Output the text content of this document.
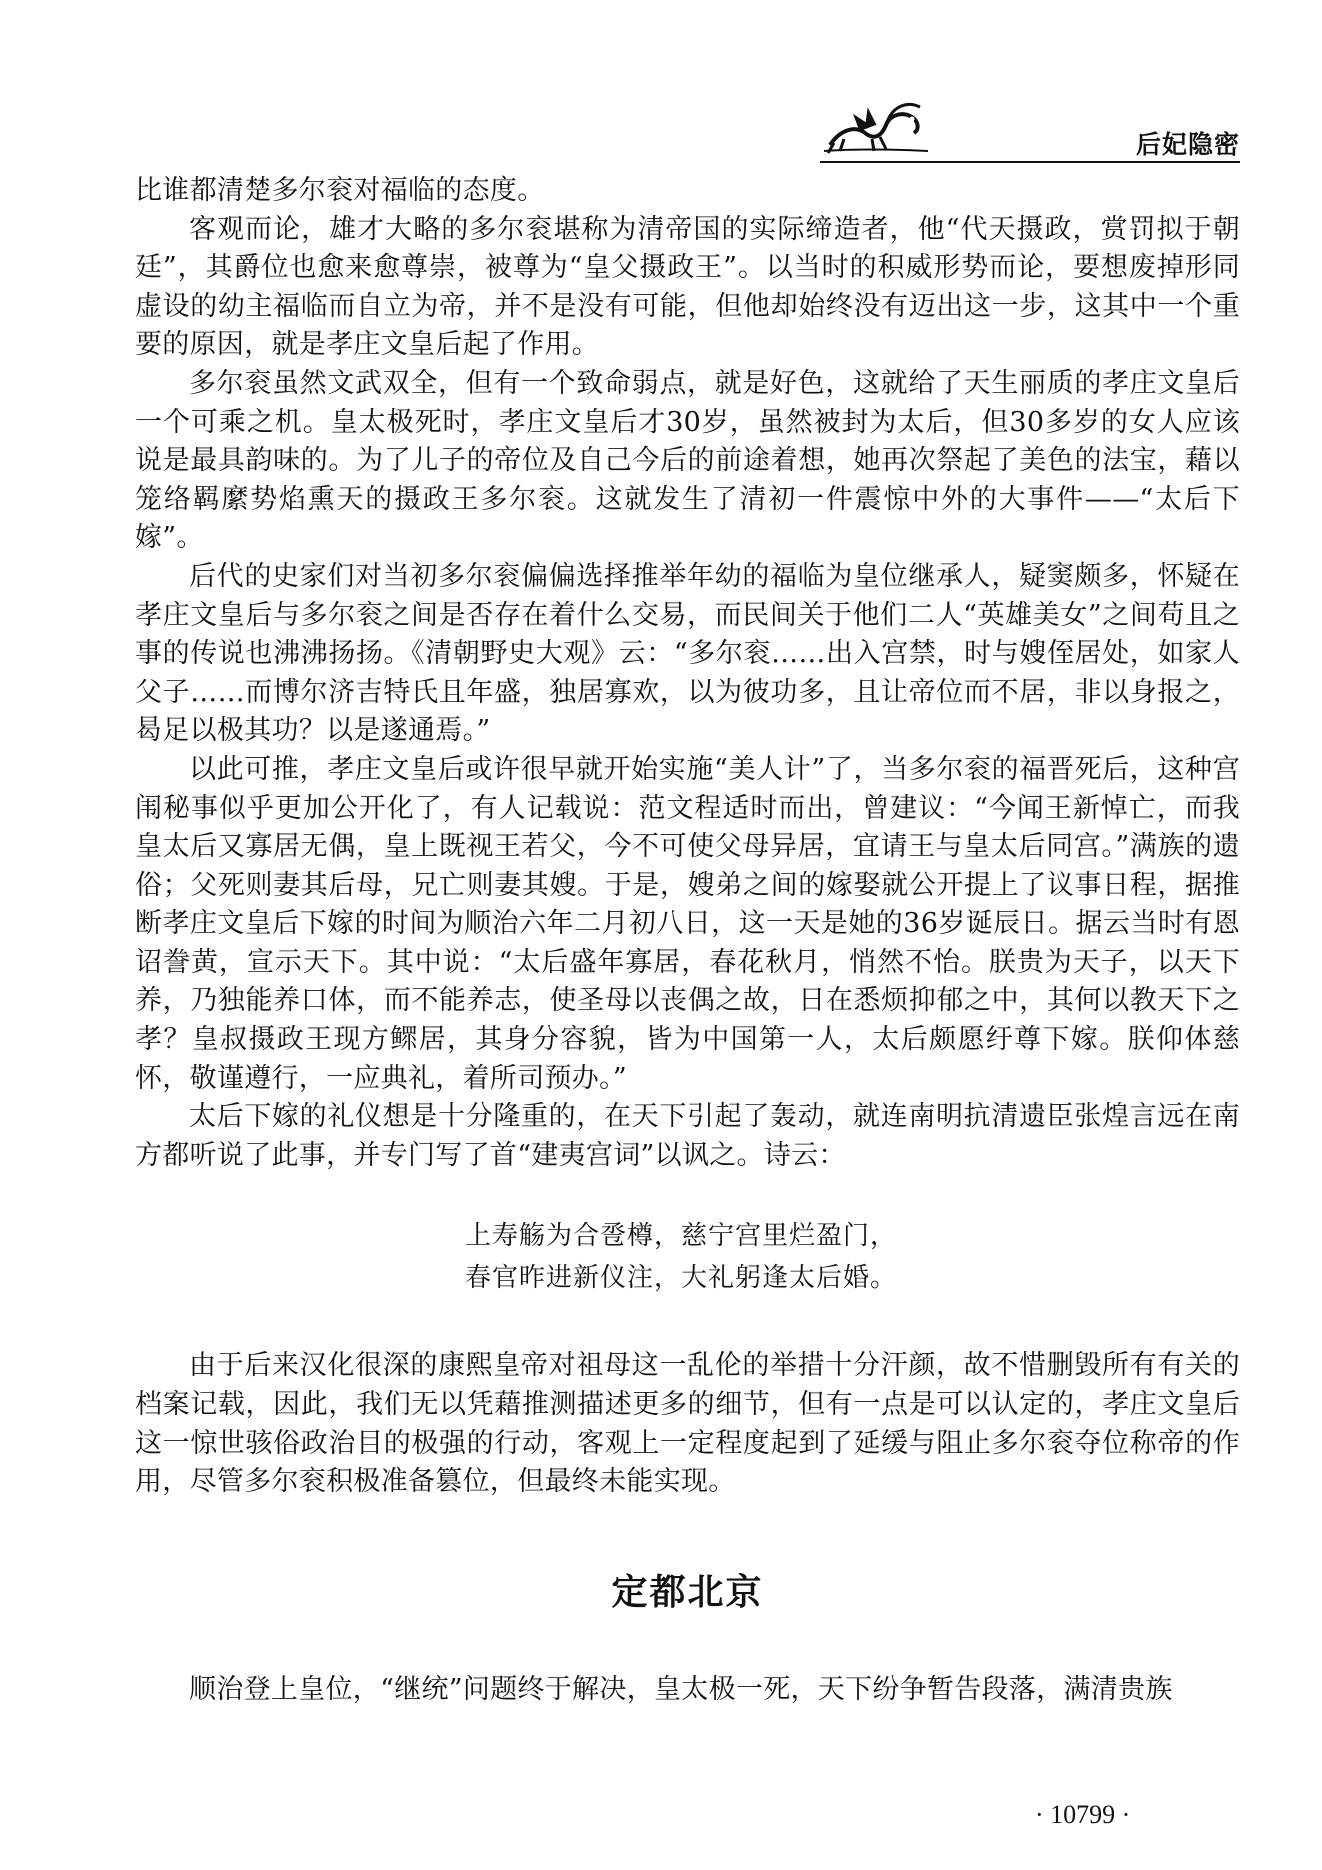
后妃隐密

比谁都清楚多尔衮对福临的态度。

客观而论，雄才大略的多尔衮堪称为清帝国的实际缔造者，他“代天摄政，赏罚拟于朝廷”，其爵位也愈来愈尊崇，被尊为“皇父摄政王”。以当时的积威形势而论，要想废掉形同虚设的幼主福临而自立为帝，并不是没有可能，但他却始终没有迈出这一步，这其中一个重要的原因，就是孝庄文皇后起了作用。

多尔衮虽然文武双全，但有一个致命弱点，就是好色，这就给了天生丽质的孝庄文皇后一个可乘之机。皇太极死时，孝庄文皇后才30岁，虽然被封为太后，但30多岁的女人应该说是最具韵味的。为了儿子的帝位及自己今后的前途着想，她再次祭起了美色的法宝，藉以笼络羁縻势焰熏天的摄政王多尔衮。这就发生了清初一件震惊中外的大事件——“太后下嫁”。

后代的史家们对当初多尔衮偏偏选择推举年幼的福临为皇位继承人，疑窦颇多，怀疑在孝庄文皇后与多尔衮之间是否存在着什么交易，而民间关于他们二人“英雄美女”之间苟且之事的传说也沸沸扬扬。《清朝野史大观》云：“多尔衮……出入宫禁，时与嫂侄居处，如家人父子……而博尔济吉特氏且年盛，独居寡欢，以为彼功多，且让帝位而不居，非以身报之，曷足以极其功？以是遂通焉。”

以此可推，孝庄文皇后或许很早就开始实施“美人计”了，当多尔衮的福晋死后，这种宫闱秘事似乎更加公开化了，有人记载说：范文程适时而出，曾建议：“今闻王新悼亡，而我皇太后又寡居无偶，皇上既视王若父，今不可使父母异居，宜请王与皇太后同宫。”满族的遗俗；父死则妻其后母，兄亡则妻其嫂。于是，嫂弟之间的嫁娶就公开提上了议事日程，据推断孝庄文皇后下嫁的时间为顺治六年二月初八日，这一天是她的36岁诞辰日。据云当时有恩诏誊黄，宣示天下。其中说：“太后盛年寡居，春花秋月，悄然不怡。朕贵为天子，以天下养，乃独能养口体，而不能养志，使圣母以丧偶之故，日在悉烦抑郁之中，其何以教天下之孝？皇叔摄政王现方鳏居，其身分容貌，皆为中国第一人，太后颇愿纡尊下嫁。朕仰体慈怀，敬谨遵行，一应典礼，着所司预办。”

太后下嫁的礼仪想是十分隆重的，在天下引起了轰动，就连南明抗清遗臣张煌言远在南方都听说了此事，并专门写了首“建夷宫词”以讽之。诗云：

上寿觞为合卺樽，慈宁宫里烂盈门，
春官昨进新仪注，大礼躬逢太后婚。

由于后来汉化很深的康熙皇帝对祖母这一乱伦的举措十分汗颜，故不惜删毁所有有关的档案记载，因此，我们无以凭藉推测描述更多的细节，但有一点是可以认定的，孝庄文皇后这一惊世骇俗政治目的极强的行动，客观上一定程度起到了延缓与阻止多尔衮夺位称帝的作用，尽管多尔衮积极准备篡位，但最终未能实现。

定都北京

顺治登上皇位，“继统”问题终于解决，皇太极一死，天下纷争暂告段落，满清贵族

· 10799 ·
